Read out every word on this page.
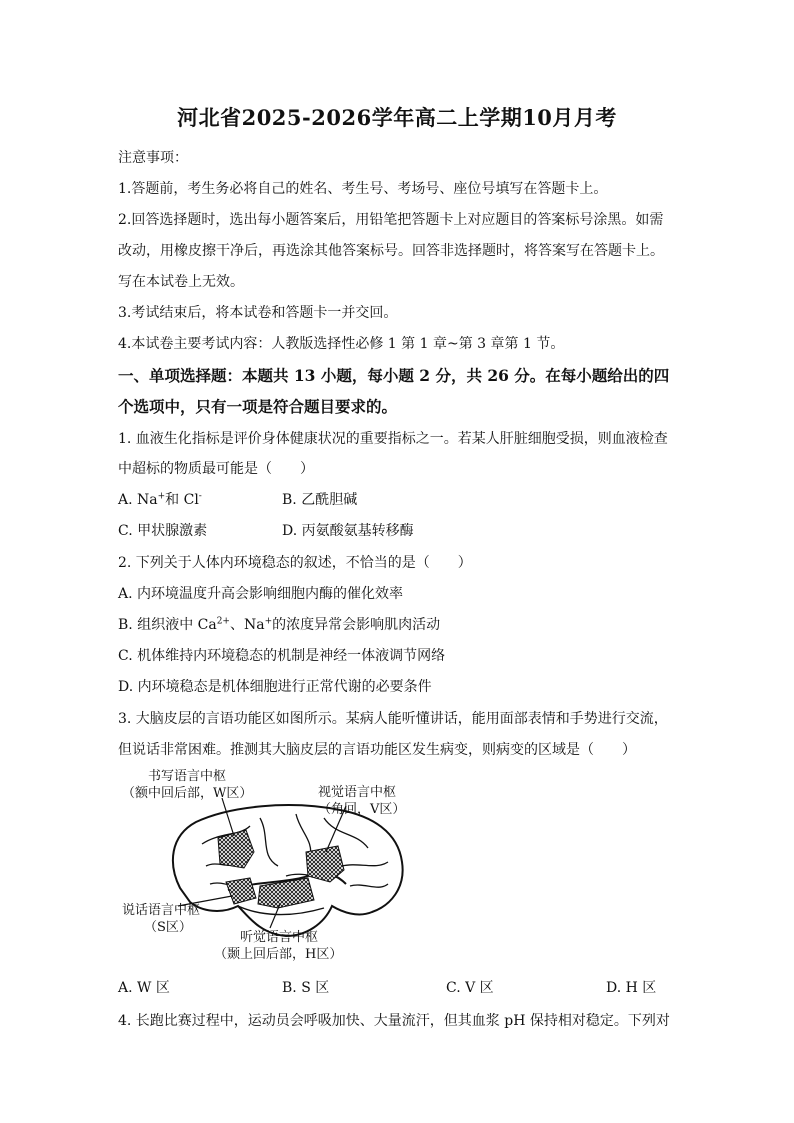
河北省2025-2026学年高二上学期10月月考
注意事项：
1.答题前，考生务必将自己的姓名、考生号、考场号、座位号填写在答题卡上。
2.回答选择题时，选出每小题答案后，用铅笔把答题卡上对应题目的答案标号涂黑。如需
改动，用橡皮擦干净后，再选涂其他答案标号。回答非选择题时，将答案写在答题卡上。
写在本试卷上无效。
3.考试结束后，将本试卷和答题卡一并交回。
4.本试卷主要考试内容：人教版选择性必修 1 第 1 章~第 3 章第 1 节。
一、单项选择题：本题共 13 小题，每小题 2 分，共 26 分。在每小题给出的四
个选项中，只有一项是符合题目要求的。
1. 血液生化指标是评价身体健康状况的重要指标之一。若某人肝脏细胞受损，则血液检查
中超标的物质最可能是（　　）
A. Na+和 Cl-	B. 乙酰胆碱
C. 甲状腺激素	D. 丙氨酸氨基转移酶
2. 下列关于人体内环境稳态的叙述，不恰当的是（　　）
A. 内环境温度升高会影响细胞内酶的催化效率
B. 组织液中 $Ca^{2+}$、Na+的浓度异常会影响肌肉活动
C. 机体维持内环境稳态的机制是神经一体液调节网络
D. 内环境稳态是机体细胞进行正常代谢的必要条件
3. 大脑皮层的言语功能区如图所示。某病人能听懂讲话，能用面部表情和手势进行交流，
但说话非常困难。推测其大脑皮层的言语功能区发生病变，则病变的区域是（　　）
书写语言中枢
（额中回后部，W区）	视觉语言中枢
（角回，V区）
说话语言中枢
（S区）
听觉语言中枢
（颞上回后部，H区）
A. W 区	B. S 区	C. V 区	D. H 区
4. 长跑比赛过程中，运动员会呼吸加快、大量流汗，但其血浆 pH 保持相对稳定。下列对
